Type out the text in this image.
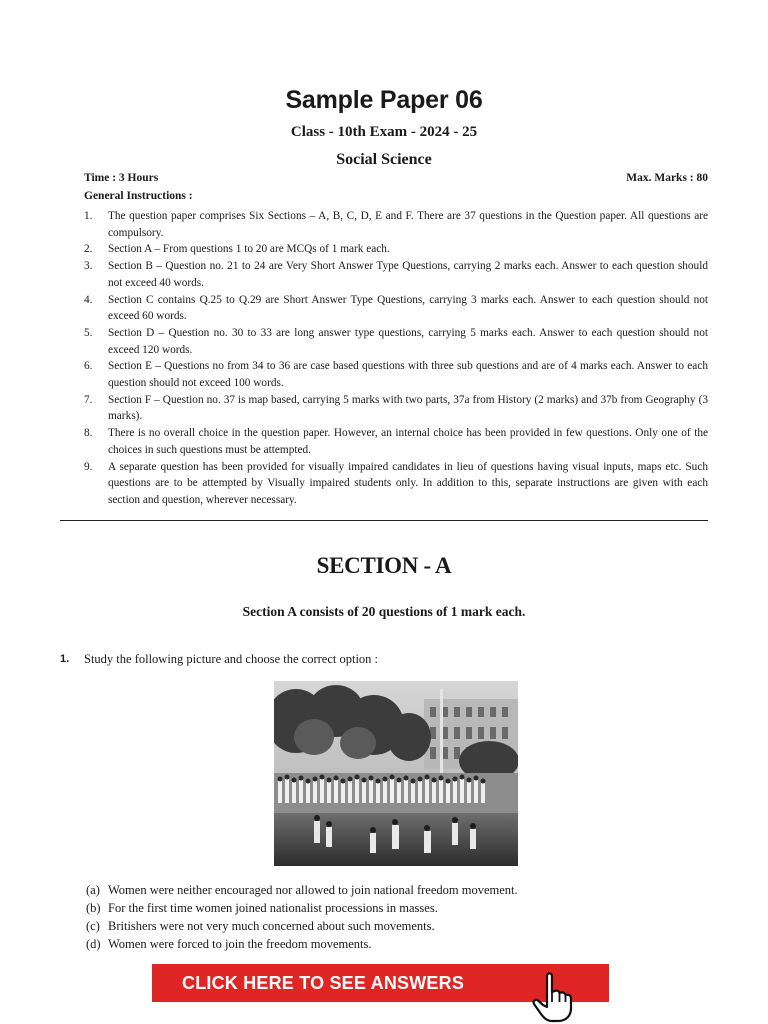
Sample Paper 06
Class - 10th Exam - 2024 - 25
Social Science
Time : 3 Hours	Max. Marks : 80
General Instructions :
1.	The question paper comprises Six Sections – A, B, C, D, E and F. There are 37 questions in the Question paper. All questions are compulsory.
2.	Section A – From questions 1 to 20 are MCQs of 1 mark each.
3.	Section B – Question no. 21 to 24 are Very Short Answer Type Questions, carrying 2 marks each. Answer to each question should not exceed 40 words.
4.	Section C contains Q.25 to Q.29 are Short Answer Type Questions, carrying 3 marks each. Answer to each question should not exceed 60 words.
5.	Section D – Question no. 30 to 33 are long answer type questions, carrying 5 marks each. Answer to each question should not exceed 120 words.
6.	Section E – Questions no from 34 to 36 are case based questions with three sub questions and are of 4 marks each. Answer to each question should not exceed 100 words.
7.	Section F – Question no. 37 is map based, carrying 5 marks with two parts, 37a from History (2 marks) and 37b from Geography (3 marks).
8.	There is no overall choice in the question paper. However, an internal choice has been provided in few questions. Only one of the choices in such questions must be attempted.
9.	A separate question has been provided for visually impaired candidates in lieu of questions having visual inputs, maps etc. Such questions are to be attempted by Visually impaired students only. In addition to this, separate instructions are given with each section and question, wherever necessary.
SECTION - A
Section A consists of 20 questions of 1 mark each.
1.	Study the following picture and choose the correct option :
(a) Women were neither encouraged nor allowed to join national freedom movement.
(b) For the first time women joined nationalist processions in masses.
(c) Britishers were not very much concerned about such movements.
(d) Women were forced to join the freedom movements.
CLICK HERE TO SEE ANSWERS
